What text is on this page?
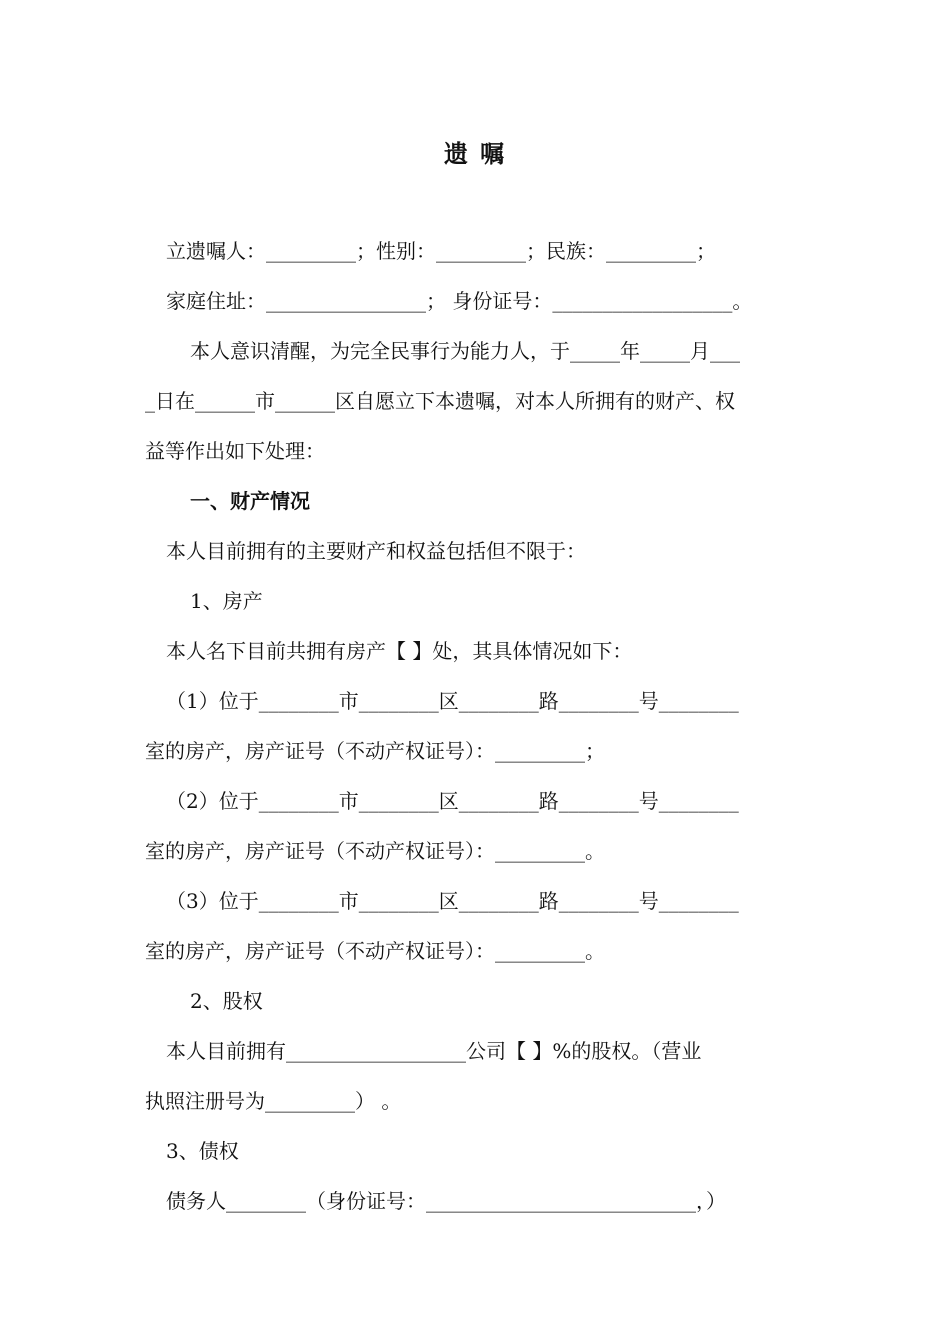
遗 嘱
立遗嘱人：_________；性别：_________；民族：_________；
家庭住址：________________； 身份证号：__________________。
本人意识清醒，为完全民事行为能力人，于_____年_____月___
_日在______市______区自愿立下本遗嘱，对本人所拥有的财产、权
益等作出如下处理：
一、财产情况
本人目前拥有的主要财产和权益包括但不限于：
1、房产
本人名下目前共拥有房产【 】处，其具体情况如下：
（1）位于________市________区________路________号________
室的房产，房产证号（不动产权证号）：_________；
（2）位于________市________区________路________号________
室的房产，房产证号（不动产权证号）：_________。
（3）位于________市________区________路________号________
室的房产，房产证号（不动产权证号）：_________。
2、股权
本人目前拥有__________________公司【 】%的股权。（营业
执照注册号为_________） 。
3、债权
债务人________（身份证号：___________________________，）
